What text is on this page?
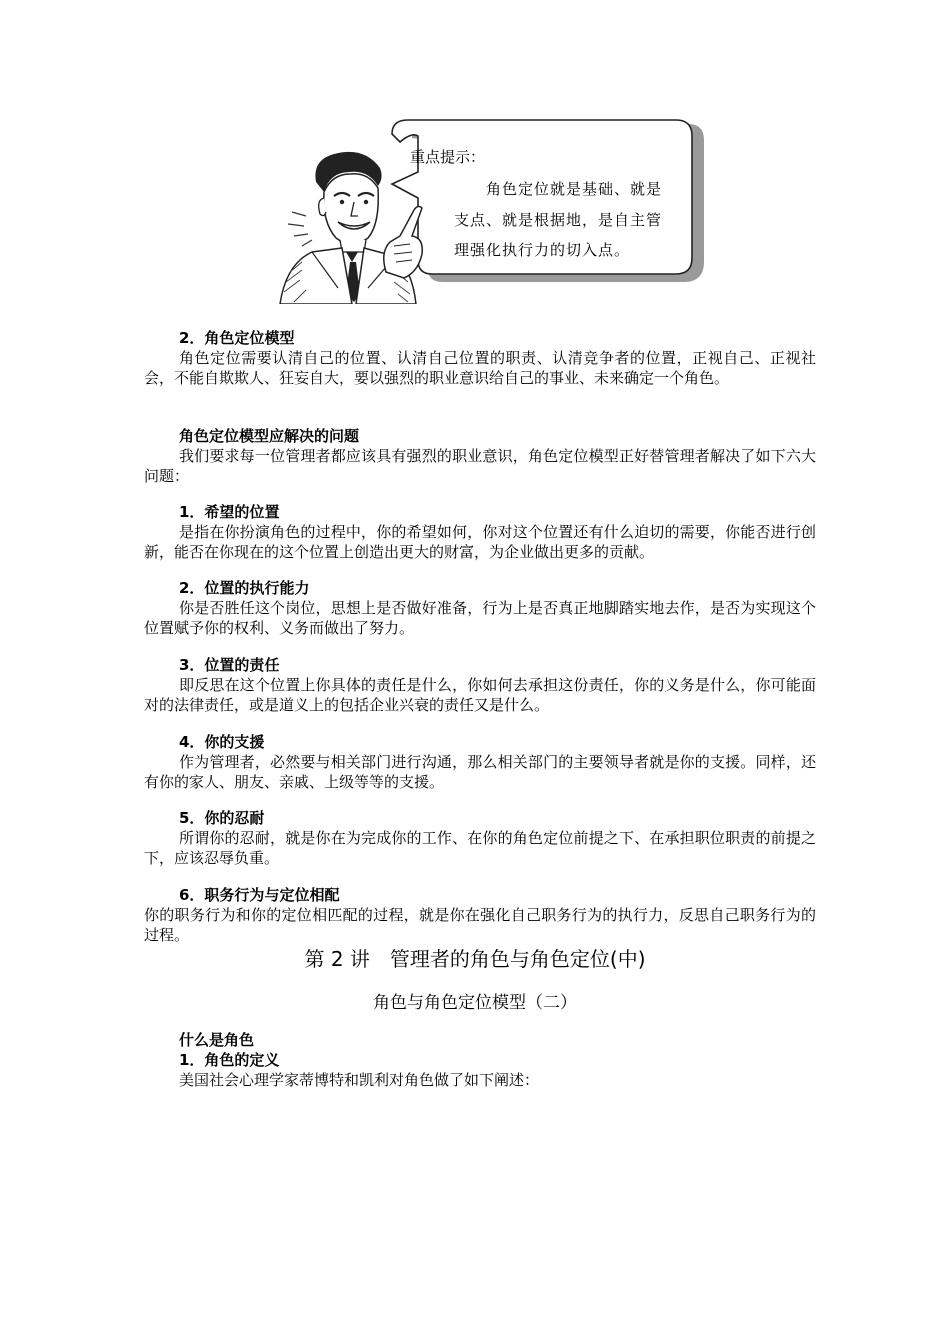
重点提示：
角色定位就是基础、就是
支点、就是根据地，是自主管
理强化执行力的切入点。
2．角色定位模型
角色定位需要认清自己的位置、认清自己位置的职责、认清竞争者的位置，正视自己、正视社会，不能自欺欺人、狂妄自大，要以强烈的职业意识给自己的事业、未来确定一个角色。
角色定位模型应解决的问题
我们要求每一位管理者都应该具有强烈的职业意识，角色定位模型正好替管理者解决了如下六大问题：
1．希望的位置
是指在你扮演角色的过程中，你的希望如何，你对这个位置还有什么迫切的需要，你能否进行创新，能否在你现在的这个位置上创造出更大的财富，为企业做出更多的贡献。
2．位置的执行能力
你是否胜任这个岗位，思想上是否做好准备，行为上是否真正地脚踏实地去作，是否为实现这个位置赋予你的权利、义务而做出了努力。
3．位置的责任
即反思在这个位置上你具体的责任是什么，你如何去承担这份责任，你的义务是什么，你可能面对的法律责任，或是道义上的包括企业兴衰的责任又是什么。
4．你的支援
作为管理者，必然要与相关部门进行沟通，那么相关部门的主要领导者就是你的支援。同样，还有你的家人、朋友、亲戚、上级等等的支援。
5．你的忍耐
所谓你的忍耐，就是你在为完成你的工作、在你的角色定位前提之下、在承担职位职责的前提之下，应该忍辱负重。
6．职务行为与定位相配
你的职务行为和你的定位相匹配的过程，就是你在强化自己职务行为的执行力，反思自己职务行为的过程。
第 2 讲　管理者的角色与角色定位(中)
角色与角色定位模型（二）
什么是角色
1．角色的定义
美国社会心理学家蒂博特和凯利对角色做了如下阐述：
